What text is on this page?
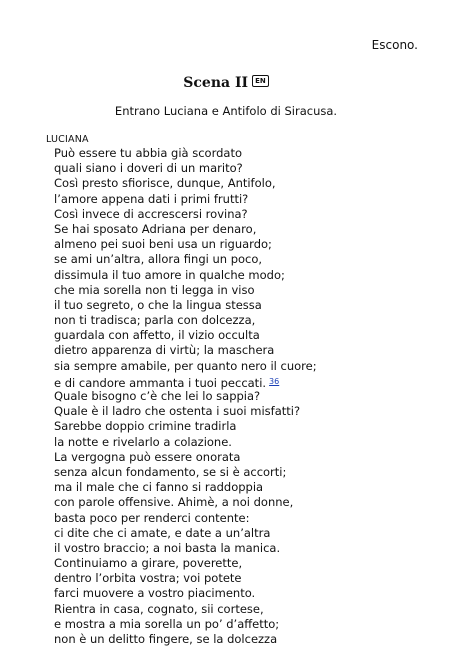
Escono.
Scena II EN
Entrano Luciana e Antifolo di Siracusa.
LUCIANA
Può essere tu abbia già scordato
quali siano i doveri di un marito?
Così presto sfiorisce, dunque, Antifolo,
l’amore appena dati i primi frutti?
Così invece di accrescersi rovina?
Se hai sposato Adriana per denaro,
almeno pei suoi beni usa un riguardo;
se ami un’altra, allora fingi un poco,
dissimula il tuo amore in qualche modo;
che mia sorella non ti legga in viso
il tuo segreto, o che la lingua stessa
non ti tradisca; parla con dolcezza,
guardala con affetto, il vizio occulta
dietro apparenza di virtù; la maschera
sia sempre amabile, per quanto nero il cuore;
e di candore ammanta i tuoi peccati. $^{36}$
Quale bisogno c’è che lei lo sappia?
Quale è il ladro che ostenta i suoi misfatti?
Sarebbe doppio crimine tradirla
la notte e rivelarlo a colazione.
La vergogna può essere onorata
senza alcun fondamento, se si è accorti;
ma il male che ci fanno si raddoppia
con parole offensive. Ahimè, a noi donne,
basta poco per renderci contente:
ci dite che ci amate, e date a un’altra
il vostro braccio; a noi basta la manica.
Continuiamo a girare, poverette,
dentro l’orbita vostra; voi potete
farci muovere a vostro piacimento.
Rientra in casa, cognato, sii cortese,
e mostra a mia sorella un po’ d’affetto;
non è un delitto fingere, se la dolcezza
